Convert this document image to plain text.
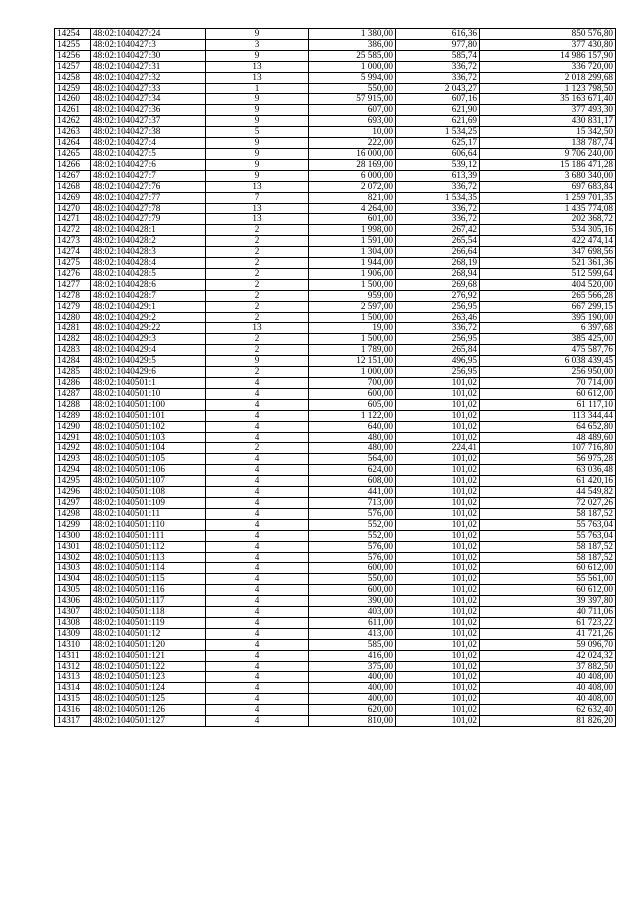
14254	48:02:1040427:24	9	1 380,00	616,36	850 576,80
14255	48:02:1040427:3	3	386,00	977,80	377 430,80
14256	48:02:1040427:30	9	25 585,00	585,74	14 986 157,90
14257	48:02:1040427:31	13	1 000,00	336,72	336 720,00
14258	48:02:1040427:32	13	5 994,00	336,72	2 018 299,68
14259	48:02:1040427:33	1	550,00	2 043,27	1 123 798,50
14260	48:02:1040427:34	9	57 915,00	607,16	35 163 671,40
14261	48:02:1040427:36	9	607,00	621,90	377 493,30
14262	48:02:1040427:37	9	693,00	621,69	430 831,17
14263	48:02:1040427:38	5	10,00	1 534,25	15 342,50
14264	48:02:1040427:4	9	222,00	625,17	138 787,74
14265	48:02:1040427:5	9	16 000,00	606,64	9 706 240,00
14266	48:02:1040427:6	9	28 169,00	539,12	15 186 471,28
14267	48:02:1040427:7	9	6 000,00	613,39	3 680 340,00
14268	48:02:1040427:76	13	2 072,00	336,72	697 683,84
14269	48:02:1040427:77	7	821,00	1 534,35	1 259 701,35
14270	48:02:1040427:78	13	4 264,00	336,72	1 435 774,08
14271	48:02:1040427:79	13	601,00	336,72	202 368,72
14272	48:02:1040428:1	2	1 998,00	267,42	534 305,16
14273	48:02:1040428:2	2	1 591,00	265,54	422 474,14
14274	48:02:1040428:3	2	1 304,00	266,64	347 698,56
14275	48:02:1040428:4	2	1 944,00	268,19	521 361,36
14276	48:02:1040428:5	2	1 906,00	268,94	512 599,64
14277	48:02:1040428:6	2	1 500,00	269,68	404 520,00
14278	48:02:1040428:7	2	959,00	276,92	265 566,28
14279	48:02:1040429:1	2	2 597,00	256,95	667 299,15
14280	48:02:1040429:2	2	1 500,00	263,46	395 190,00
14281	48:02:1040429:22	13	19,00	336,72	6 397,68
14282	48:02:1040429:3	2	1 500,00	256,95	385 425,00
14283	48:02:1040429:4	2	1 789,00	265,84	475 587,76
14284	48:02:1040429:5	9	12 151,00	496,95	6 038 439,45
14285	48:02:1040429:6	2	1 000,00	256,95	256 950,00
14286	48:02:1040501:1	4	700,00	101,02	70 714,00
14287	48:02:1040501:10	4	600,00	101,02	60 612,00
14288	48:02:1040501:100	4	605,00	101,02	61 117,10
14289	48:02:1040501:101	4	1 122,00	101,02	113 344,44
14290	48:02:1040501:102	4	640,00	101,02	64 652,80
14291	48:02:1040501:103	4	480,00	101,02	48 489,60
14292	48:02:1040501:104	2	480,00	224,41	107 716,80
14293	48:02:1040501:105	4	564,00	101,02	56 975,28
14294	48:02:1040501:106	4	624,00	101,02	63 036,48
14295	48:02:1040501:107	4	608,00	101,02	61 420,16
14296	48:02:1040501:108	4	441,00	101,02	44 549,82
14297	48:02:1040501:109	4	713,00	101,02	72 027,26
14298	48:02:1040501:11	4	576,00	101,02	58 187,52
14299	48:02:1040501:110	4	552,00	101,02	55 763,04
14300	48:02:1040501:111	4	552,00	101,02	55 763,04
14301	48:02:1040501:112	4	576,00	101,02	58 187,52
14302	48:02:1040501:113	4	576,00	101,02	58 187,52
14303	48:02:1040501:114	4	600,00	101,02	60 612,00
14304	48:02:1040501:115	4	550,00	101,02	55 561,00
14305	48:02:1040501:116	4	600,00	101,02	60 612,00
14306	48:02:1040501:117	4	390,00	101,02	39 397,80
14307	48:02:1040501:118	4	403,00	101,02	40 711,06
14308	48:02:1040501:119	4	611,00	101,02	61 723,22
14309	48:02:1040501:12	4	413,00	101,02	41 721,26
14310	48:02:1040501:120	4	585,00	101,02	59 096,70
14311	48:02:1040501:121	4	416,00	101,02	42 024,32
14312	48:02:1040501:122	4	375,00	101,02	37 882,50
14313	48:02:1040501:123	4	400,00	101,02	40 408,00
14314	48:02:1040501:124	4	400,00	101,02	40 408,00
14315	48:02:1040501:125	4	400,00	101,02	40 408,00
14316	48:02:1040501:126	4	620,00	101,02	62 632,40
14317	48:02:1040501:127	4	810,00	101,02	81 826,20
